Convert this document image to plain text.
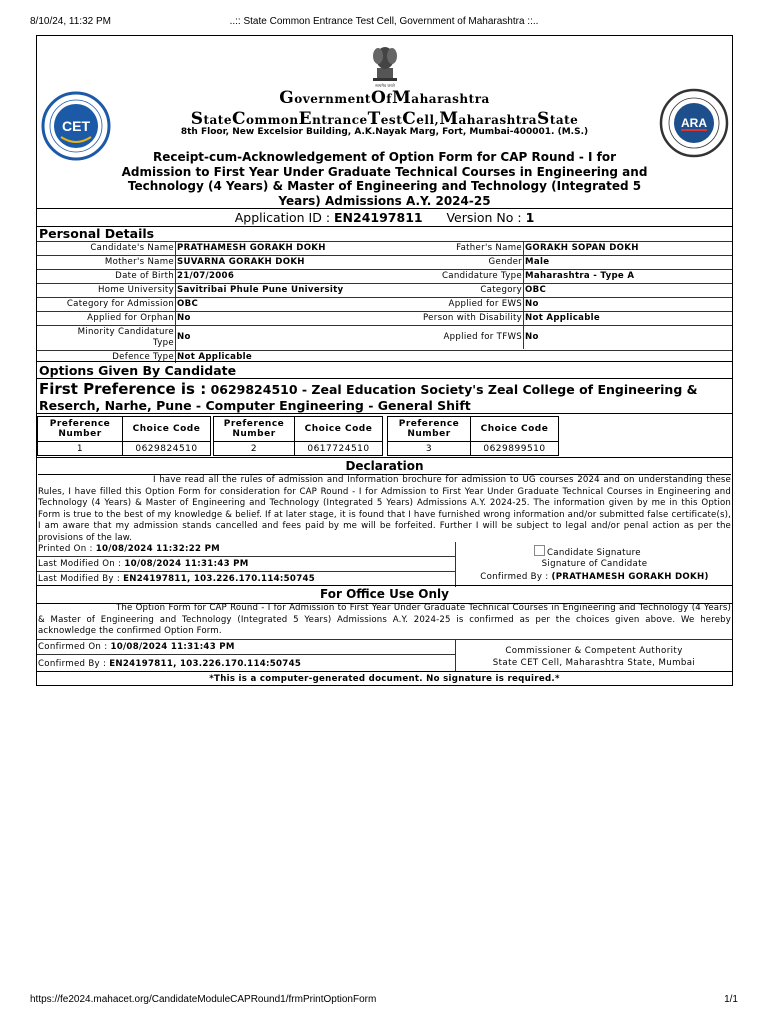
8/10/24, 11:32 PM	..:: State Common Entrance Test Cell, Government of Maharashtra ::..
CET
सत्यमेव जयते
ARA
GovernmentOfMaharashtra
StateCommonEntranceTestCell,MaharashtraState
8th Floor, New Excelsior Building, A.K.Nayak Marg, Fort, Mumbai-400001. (M.S.)
Receipt-cum-Acknowledgement of Option Form for CAP Round - I for Admission to First Year Under Graduate Technical Courses in Engineering and Technology (4 Years) & Master of Engineering and Technology (Integrated 5 Years) Admissions A.Y. 2024-25
Application ID : EN24197811 Version No : 1
Personal Details
Candidate's Name PRATHAMESH GORAKH DOKH	Father's Name GORAKH SOPAN DOKH
Mother's Name SUVARNA GORAKH DOKH	Gender Male
Date of Birth 21/07/2006	Candidature Type Maharashtra - Type A
Home University Savitribai Phule Pune University	Category OBC
Category for Admission OBC	Applied for EWS No
Applied for Orphan No	Person with Disability Not Applicable
Minority Candidature
Type
No	Applied for TFWS No
Defence Type Not Applicable
Options Given By Candidate
First Preference is : 0629824510 - Zeal Education Society's Zeal College of Engineering & Reserch, Narhe, Pune - Computer Engineering - General Shift
Preference
Number	Choice Code
1	0629824510
Preference
Number	Choice Code
2	0617724510
Preference
Number	Choice Code
3	0629899510
Declaration
I have read all the rules of admission and Information brochure for admission to UG courses 2024 and on understanding these Rules, I have filled this Option Form for consideration for CAP Round - I for Admission to First Year Under Graduate Technical Courses in Engineering and Technology (4 Years) & Master of Engineering and Technology (Integrated 5 Years) Admissions A.Y. 2024-25. The information given by me in this Option Form is true to the best of my knowledge & belief. If at later stage, it is found that I have furnished wrong information and/or submitted false certificate(s), I am aware that my admission stands cancelled and fees paid by me will be forfeited. Further I will be subject to legal and/or penal action as per the provisions of the law.
Printed On : 10/08/2024 11:32:22 PM
Last Modified On : 10/08/2024 11:31:43 PM
Last Modified By : EN24197811, 103.226.170.114:50745
Candidate Signature
Signature of Candidate
Confirmed By : (PRATHAMESH GORAKH DOKH)
For Office Use Only
The Option Form for CAP Round - I for Admission to First Year Under Graduate Technical Courses in Engineering and Technology (4 Years) & Master of Engineering and Technology (Integrated 5 Years) Admissions A.Y. 2024-25 is confirmed as per the choices given above. We hereby acknowledge the confirmed Option Form.
Confirmed On : 10/08/2024 11:31:43 PM
Confirmed By : EN24197811, 103.226.170.114:50745
Commissioner & Competent Authority
State CET Cell, Maharashtra State, Mumbai
*This is a computer-generated document. No signature is required.*
https://fe2024.mahacet.org/CandidateModuleCAPRound1/frmPrintOptionForm	1/1
